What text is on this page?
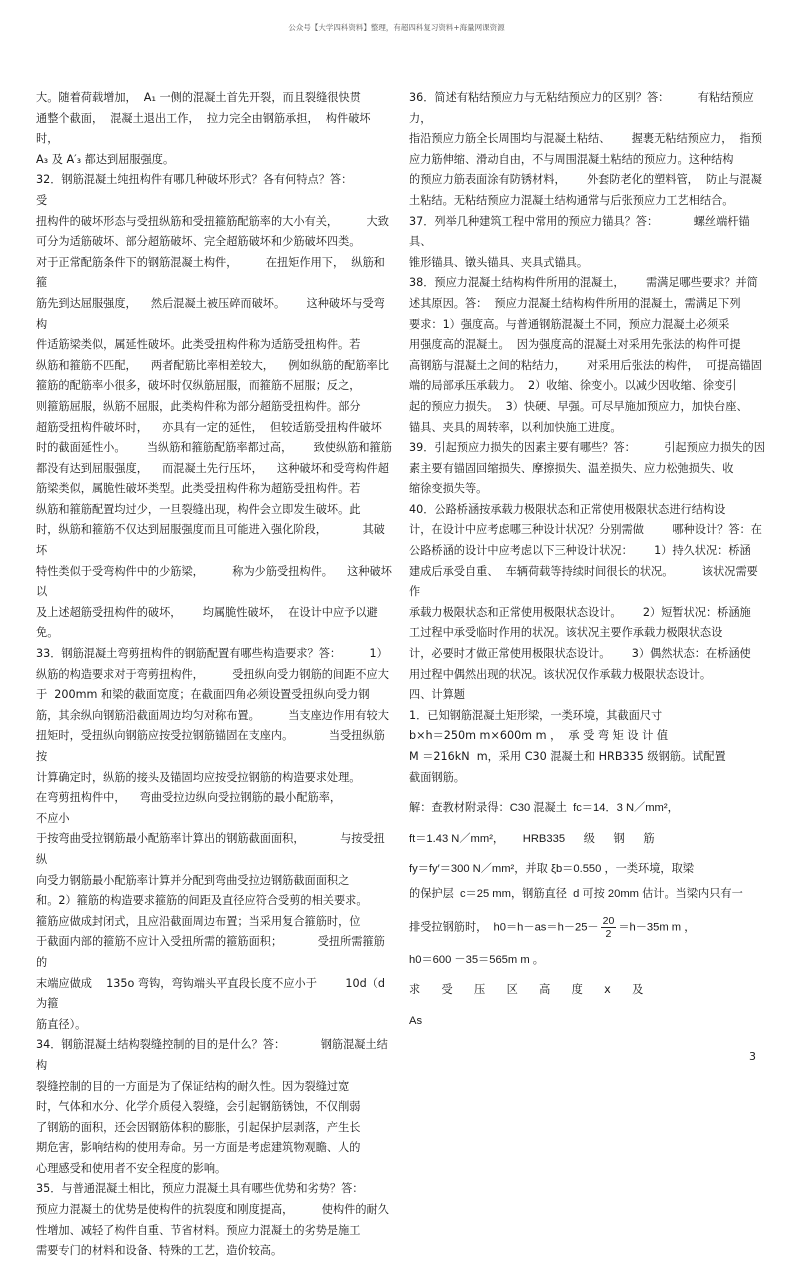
公众号【大学四科资料】整理，有超四科复习资料+海量网课资源

大。随着荷载增加，  A₁ 一侧的混凝土首先开裂，而且裂缝很快贯

通整个截面，  混凝土退出工作，  拉力完全由钢筋承担，  构件破坏时，

A₃ 及 A′₃ 都达到屈服强度。

32．钢筋混凝土纯扭构件有哪几种破坏形式？各有何特点？答：          受

扭构件的破坏形态与受扭纵筋和受扭箍筋配筋率的大小有关，        大致

可分为适筋破坏、部分超筋破坏、完全超筋破坏和少筋破坏四类。

对于正常配筋条件下的钢筋混凝土构件，        在扭矩作用下，  纵筋和箍

筋先到达屈服强度，    然后混凝土被压碎而破坏。      这种破坏与受弯构

件适筋梁类似，属延性破坏。此类受扭构件称为适筋受扭构件。若

纵筋和箍筋不匹配，    两者配筋比率相差较大，    例如纵筋的配筋率比

箍筋的配筋率小很多，破坏时仅纵筋屈服，而箍筋不屈服；反之，

则箍筋屈服，纵筋不屈服，此类构件称为部分超筋受扭构件。部分

超筋受扭构件破坏时，    亦具有一定的延性，  但较适筋受扭构件破坏

时的截面延性小。      当纵筋和箍筋配筋率都过高，      致使纵筋和箍筋

都没有达到屈服强度，    而混凝土先行压坏，    这种破坏和受弯构件超

筋梁类似，属脆性破坏类型。此类受扭构件称为超筋受扭构件。若

纵筋和箍筋配置均过少，一旦裂缝出现，构件会立即发生破坏。此

时，纵筋和箍筋不仅达到屈服强度而且可能进入强化阶段，          其破坏

特性类似于受弯构件中的少筋梁，        称为少筋受扭构件。    这种破坏以

及上述超筋受扭构件的破坏，      均属脆性破坏，  在设计中应予以避免。

33．钢筋混凝土弯剪扭构件的钢筋配置有哪些构造要求？答：        1）

纵筋的构造要求对于弯剪扭构件，        受扭纵向受力钢筋的间距不应大

于  200mm 和梁的截面宽度；在截面四角必须设置受扭纵向受力钢

筋，其余纵向钢筋沿截面周边均匀对称布置。        当支座边作用有较大

扭矩时，受扭纵向钢筋应按受拉钢筋锚固在支座内。          当受扭纵筋按

计算确定时，纵筋的接头及锚固均应按受拉钢筋的构造要求处理。

在弯剪扭构件中，    弯曲受拉边纵向受拉钢筋的最小配筋率，            不应小

于按弯曲受拉钢筋最小配筋率计算出的钢筋截面面积，          与按受扭纵

向受力钢筋最小配筋率计算并分配到弯曲受拉边钢筋截面面积之

和。2）箍筋的构造要求箍筋的间距及直径应符合受剪的相关要求。

箍筋应做成封闭式，且应沿截面周边布置；当采用复合箍筋时，位

于截面内部的箍筋不应计入受扭所需的箍筋面积；          受扭所需箍筋的

末端应做成    135o 弯钩，弯钩端头平直段长度不应小于        10d（d 为箍

筋直径）。

34．钢筋混凝土结构裂缝控制的目的是什么？答：          钢筋混凝土结构

裂缝控制的目的一方面是为了保证结构的耐久性。因为裂缝过宽

时，气体和水分、化学介质侵入裂缝，会引起钢筋锈蚀，不仅削弱

了钢筋的面积，还会因钢筋体积的膨胀，引起保护层剥落，产生长

期危害，影响结构的使用寿命。另一方面是考虑建筑物观瞻、人的

心理感受和使用者不安全程度的影响。

35．与普通混凝土相比，预应力混凝土具有哪些优势和劣势？答：

预应力混凝土的优势是使构件的抗裂度和刚度提高，        使构件的耐久

性增加、减轻了构件自重、节省材料。预应力混凝土的劣势是施工

需要专门的材料和设备、特殊的工艺，造价较高。

36．简述有粘结预应力与无粘结预应力的区别？答：        有粘结预应力，

指沿预应力筋全长周围均与混凝土粘结、      握裹无粘结预应力，  指预

应力筋伸缩、滑动自由，不与周围混凝土粘结的预应力。这种结构

的预应力筋表面涂有防锈材料，      外套防老化的塑料管，  防止与混凝

土粘结。无粘结预应力混凝土结构通常与后张预应力工艺相结合。

37．列举几种建筑工程中常用的预应力锚具？答：          螺丝端杆锚具、

锥形锚具、镦头锚具、夹具式锚具。

38．预应力混凝土结构构件所用的混凝土，      需满足哪些要求？并简

述其原因。答：  预应力混凝土结构构件所用的混凝土，需满足下列

要求：1）强度高。与普通钢筋混凝土不同，预应力混凝土必须采

用强度高的混凝土。  因为强度高的混凝土对采用先张法的构件可提

高钢筋与混凝土之间的粘结力，      对采用后张法的构件，  可提高锚固

端的局部承压承载力。  2）收缩、徐变小。以减少因收缩、徐变引

起的预应力损失。  3）快硬、早强。可尽早施加预应力，加快台座、

锚具、夹具的周转率，以利加快施工进度。

39．引起预应力损失的因素主要有哪些？答：        引起预应力损失的因

素主要有锚固回缩损失、摩擦损失、温差损失、应力松弛损失、收

缩徐变损失等。

40．公路桥涵按承载力极限状态和正常使用极限状态进行结构设

计，在设计中应考虑哪三种设计状况？分别需做        哪种设计？答：在

公路桥涵的设计中应考虑以下三种设计状况：      1）持久状况：桥涵

建成后承受自重、  车辆荷载等持续时间很长的状况。        该状况需要作

承载力极限状态和正常使用极限状态设计。      2）短暂状况：桥涵施

工过程中承受临时作用的状况。该状况主要作承载力极限状态设

计，必要时才做正常使用极限状态设计。      3）偶然状态：在桥涵使

用过程中偶然出现的状况。该状况仅作承载力极限状态设计。

四、计算题

1．已知钢筋混凝土矩形梁，一类环境，其截面尺寸

b×h＝250m m×600m m ，  承 受 弯 矩 设 计 值

M ＝216kN  m，采用 C30 混凝土和 HRB335 级钢筋。试配置

截面钢筋。

解：查教材附录得：C30 混凝土  fc＝14．3 N／mm²，

ft＝1.43 N／mm²，      HRB335      级      钢      筋

fy＝fy′＝300 N／mm²，并取 ξb＝0.550 ，一类环境，取梁

的保护层  c＝25 mm，钢筋直径  d 可按 20mm 估计。当梁内只有一

排受拉钢筋时，  $h0=h-as=h-25- \frac{20}{2} =h-35m$ m ，

h0＝600 －35＝565m m 。

求      受      压      区      高      度      x      及

As

3
